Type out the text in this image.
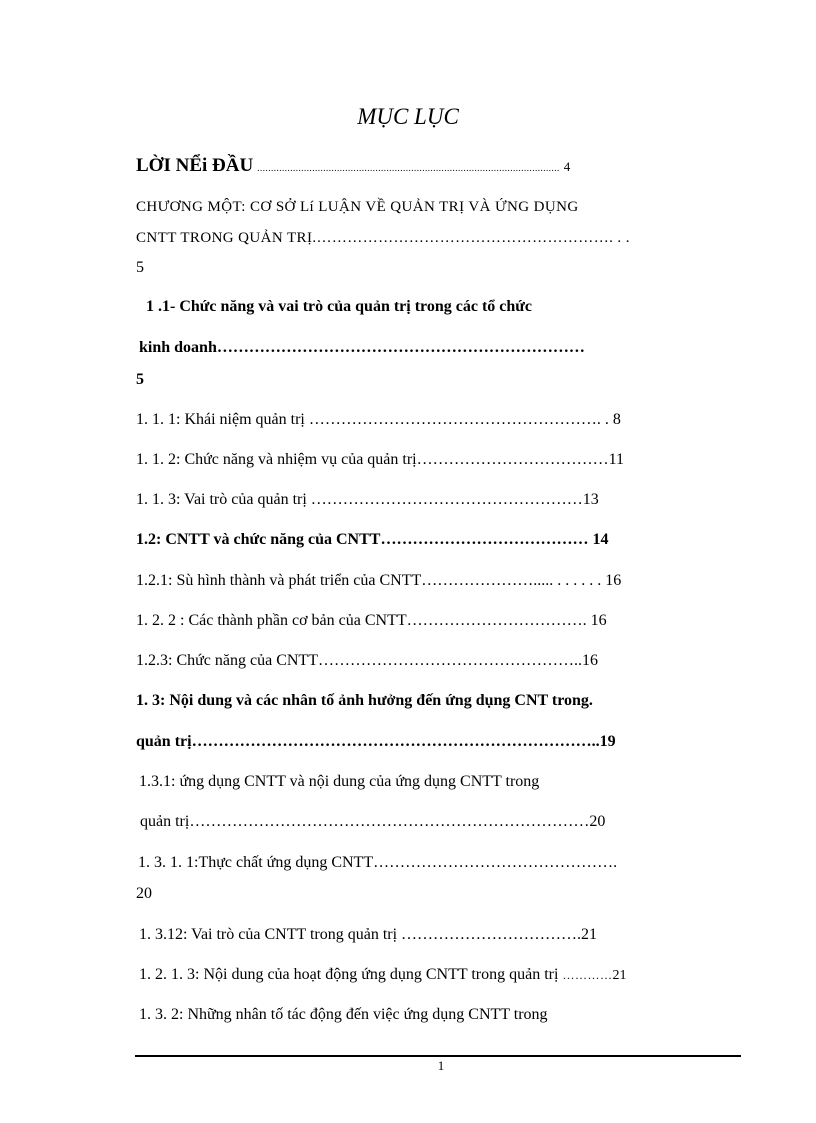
MỤC LỤC
LỜI NỂi ĐẦU .............................................................................................................. 4
CHƯƠNG MỘT: CƠ SỞ Lí LUẬN VỀ QUẢN TRỊ VÀ ỨNG DỤNG
CNTT TRONG QUẢN TRỊ.…………………………………………………. . .
5
1 .1- Chức năng và vai trò của quản trị trong các tổ chức
kinh doanh……………………………………………………………
5
1. 1. 1: Khái niệm quản trị ………………………………………………. . 8
1. 1. 2: Chức năng và nhiệm vụ của quản trị………………………………11
1. 1. 3: Vai trò của quản trị ……………………………………………13
1.2: CNTT và chức năng của CNTT………………………………… 14
1.2.1: Sù hình thành và phát triển của CNTT…………………..... . . . . . . 16
1. 2. 2 : Các thành phần cơ bản của CNTT……………………………. 16
1.2.3: Chức năng của CNTT…………………………………………..16
1. 3: Nội dung và các nhân tố ảnh hưởng đến ứng dụng CNT trong.
quản trị…………………………………………………………………..19
1.3.1: ứng dụng CNTT và nội dung của ứng dụng CNTT trong
quản trị…………………………………………………………………20
1. 3. 1. 1:Thực chất ứng dụng CNTT……………………………………….
20
1. 3.12: Vai trò của CNTT trong quản trị …………………………….21
1. 2. 1. 3: Nội dung của hoạt động ứng dụng CNTT trong quản trị …………21
1. 3. 2: Những nhân tố tác động đến việc ứng dụng CNTT trong
1
